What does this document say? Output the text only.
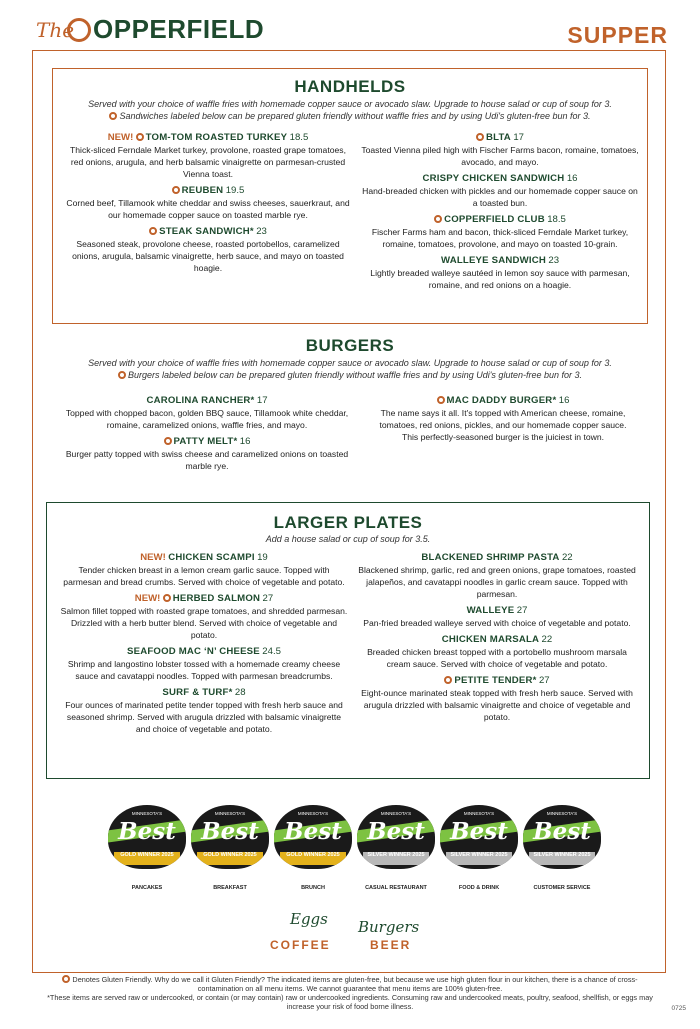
The OPPERFIELD	SUPPER
HANDHELDS
Served with your choice of waffle fries with homemade copper sauce or avocado slaw. Upgrade to house salad or cup of soup for 3.
Sandwiches labeled below can be prepared gluten friendly without waffle fries and by using Udi's gluten-free bun for 3.
NEW! TOM-TOM ROASTED TURKEY 18.5
Thick-sliced Ferndale Market turkey, provolone, roasted grape tomatoes, red onions, arugula, and herb balsamic vinaigrette on parmesan-crusted Vienna toast.
REUBEN 19.5
Corned beef, Tillamook white cheddar and swiss cheeses, sauerkraut, and our homemade copper sauce on toasted marble rye.
STEAK SANDWICH* 23
Seasoned steak, provolone cheese, roasted portobellos, caramelized onions, arugula, balsamic vinaigrette, herb sauce, and mayo on toasted hoagie.
BLTA 17
Toasted Vienna piled high with Fischer Farms bacon, romaine, tomatoes, avocado, and mayo.
CRISPY CHICKEN SANDWICH 16
Hand-breaded chicken with pickles and our homemade copper sauce on a toasted bun.
COPPERFIELD CLUB 18.5
Fischer Farms ham and bacon, thick-sliced Ferndale Market turkey, romaine, tomatoes, provolone, and mayo on toasted 10-grain.
WALLEYE SANDWICH 23
Lightly breaded walleye sautéed in lemon soy sauce with parmesan, romaine, and red onions on a hoagie.
BURGERS
Served with your choice of waffle fries with homemade copper sauce or avocado slaw. Upgrade to house salad or cup of soup for 3.
Burgers labeled below can be prepared gluten friendly without waffle fries and by using Udi's gluten-free bun for 3.
CAROLINA RANCHER* 17
Topped with chopped bacon, golden BBQ sauce, Tillamook white cheddar, romaine, caramelized onions, waffle fries, and mayo.
PATTY MELT* 16
Burger patty topped with swiss cheese and caramelized onions on toasted marble rye.
MAC DADDY BURGER* 16
The name says it all. It's topped with American cheese, romaine, tomatoes, red onions, pickles, and our homemade copper sauce. This perfectly-seasoned burger is the juiciest in town.
LARGER PLATES
Add a house salad or cup of soup for 3.5.
NEW! CHICKEN SCAMPI 19
Tender chicken breast in a lemon cream garlic sauce. Topped with parmesan and bread crumbs. Served with choice of vegetable and potato.
NEW! HERBED SALMON 27
Salmon fillet topped with roasted grape tomatoes, and shredded parmesan. Drizzled with a herb butter blend. Served with choice of vegetable and potato.
SEAFOOD MAC ‘N’ CHEESE 24.5
Shrimp and langostino lobster tossed with a homemade creamy cheese sauce and cavatappi noodles. Topped with parmesan breadcrumbs.
SURF & TURF* 28
Four ounces of marinated petite tender topped with fresh herb sauce and seasoned shrimp. Served with arugula drizzled with balsamic vinaigrette and choice of vegetable and potato.
BLACKENED SHRIMP PASTA 22
Blackened shrimp, garlic, red and green onions, grape tomatoes, roasted jalapeños, and cavatappi noodles in garlic cream sauce. Topped with parmesan.
WALLEYE 27
Pan-fried breaded walleye served with choice of vegetable and potato.
CHICKEN MARSALA 22
Breaded chicken breast topped with a portobello mushroom marsala cream sauce. Served with choice of vegetable and potato.
PETITE TENDER* 27
Eight-ounce marinated steak topped with fresh herb sauce. Served with arugula drizzled with balsamic vinaigrette and choice of vegetable and potato.
MINNESOTA'S
Best
GOLD WINNER 2025
PANCAKES
MINNESOTA'S
Best
GOLD WINNER 2025
BREAKFAST
MINNESOTA'S
Best
GOLD WINNER 2025
BRUNCH
MINNESOTA'S
Best
SILVER WINNER 2025
CASUAL RESTAURANT
MINNESOTA'S
Best
SILVER WINNER 2025
FOOD & DRINK
MINNESOTA'S
Best
SILVER WINNER 2025
CUSTOMER SERVICE
Eggs
COFFEE
Burgers
BEER
Denotes Gluten Friendly. Why do we call it Gluten Friendly? The indicated items are gluten-free, but because we use high gluten flour in our kitchen, there is a chance of cross-contamination on all menu items. We cannot guarantee that menu items are 100% gluten-free.
*These items are served raw or undercooked, or contain (or may contain) raw or undercooked ingredients. Consuming raw and undercooked meats, poultry, seafood, shellfish, or eggs may increase your risk of food borne illness.	0725
